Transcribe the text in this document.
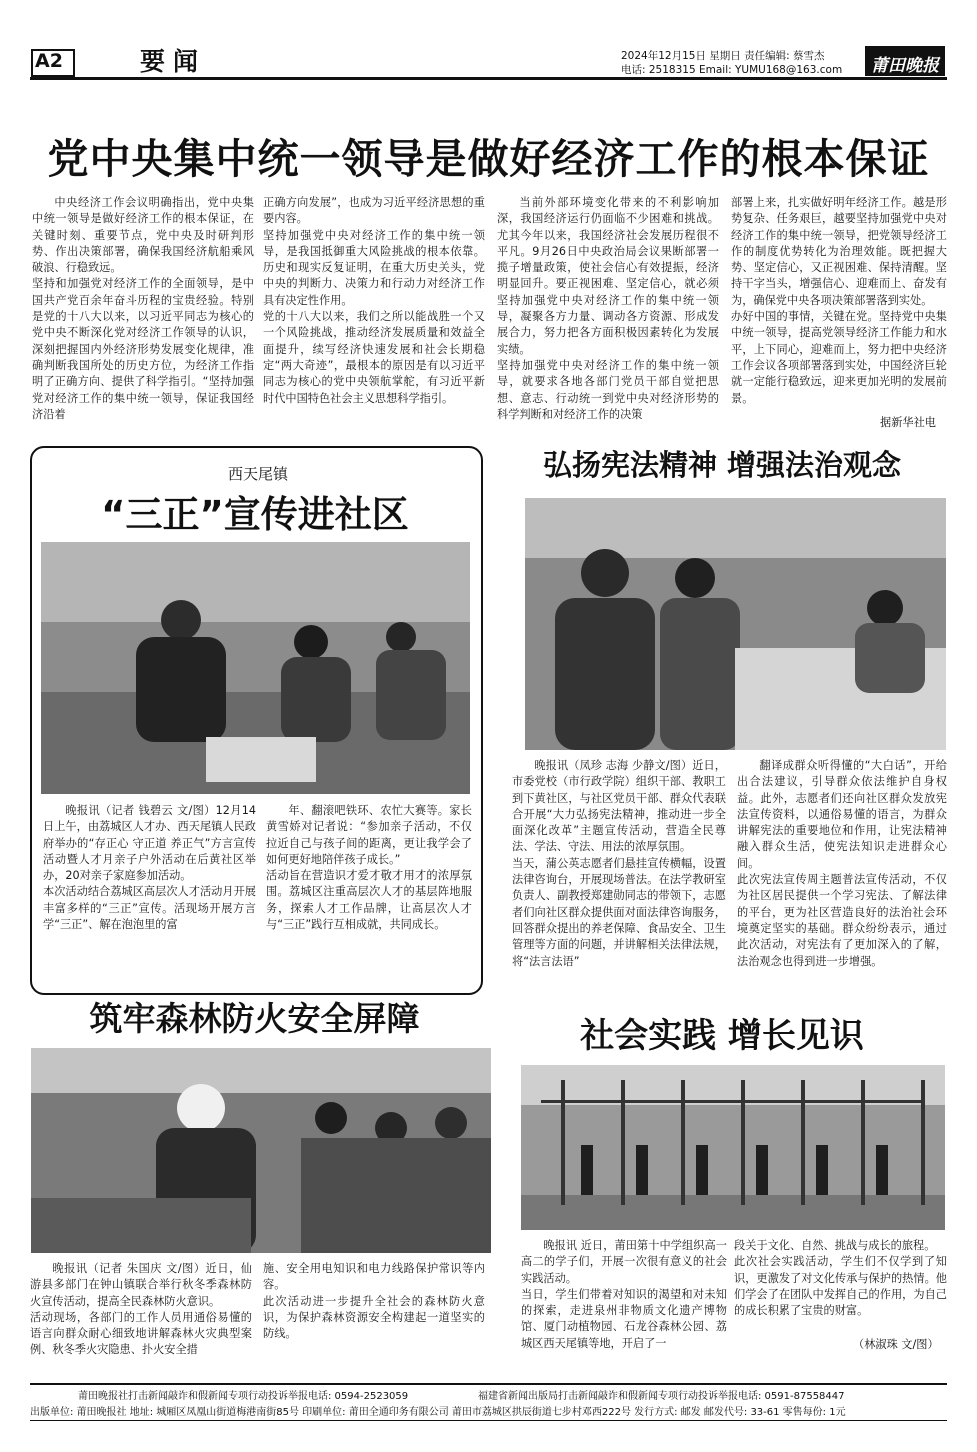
A2	要闻	2024年12月15日 星期日 责任编辑: 蔡雪杰
电话: 2518315 Email: YUMU168@163.com 莆田晚报
党中央集中统一领导是做好经济工作的根本保证
中央经济工作会议明确指出，党中央集中统一领导是做好经济工作的根本保证，在关键时刻、重要节点，党中央及时研判形势、作出决策部署，确保我国经济航船乘风破浪、行稳致远。
坚持和加强党对经济工作的全面领导，是中国共产党百余年奋斗历程的宝贵经验。特别是党的十八大以来，以习近平同志为核心的党中央不断深化党对经济工作领导的认识，深刻把握国内外经济形势发展变化规律，准确判断我国所处的历史方位，为经济工作指明了正确方向、提供了科学指引。“坚持加强党对经济工作的集中统一领导，保证我国经济沿着
正确方向发展”，也成为习近平经济思想的重要内容。
坚持加强党中央对经济工作的集中统一领导，是我国抵御重大风险挑战的根本依靠。历史和现实反复证明，在重大历史关头，党中央的判断力、决策力和行动力对经济工作具有决定性作用。
党的十八大以来，我们之所以能战胜一个又一个风险挑战，推动经济发展质量和效益全面提升，续写经济快速发展和社会长期稳定“两大奇迹”，最根本的原因是有以习近平同志为核心的党中央领航掌舵，有习近平新时代中国特色社会主义思想科学指引。
当前外部环境变化带来的不利影响加深，我国经济运行仍面临不少困难和挑战。尤其今年以来，我国经济社会发展历程很不平凡。9月26日中央政治局会议果断部署一揽子增量政策，使社会信心有效提振，经济明显回升。要正视困难、坚定信心，就必须坚持加强党中央对经济工作的集中统一领导，凝聚各方力量、调动各方资源、形成发展合力，努力把各方面积极因素转化为发展实绩。
坚持加强党中央对经济工作的集中统一领导，就要求各地各部门党员干部自觉把思想、意志、行动统一到党中央对经济形势的科学判断和对经济工作的决策
部署上来，扎实做好明年经济工作。越是形势复杂、任务艰巨，越要坚持加强党中央对经济工作的集中统一领导，把党领导经济工作的制度优势转化为治理效能。既把握大势、坚定信心，又正视困难、保持清醒。坚持干字当头，增强信心、迎难而上、奋发有为，确保党中央各项决策部署落到实处。
办好中国的事情，关键在党。坚持党中央集中统一领导，提高党领导经济工作能力和水平，上下同心，迎难而上，努力把中央经济工作会议各项部署落到实处，中国经济巨轮就一定能行稳致远，迎来更加光明的发展前景。
据新华社电
西天尾镇
“三正”宣传进社区
晚报讯（记者 钱碧云 文/图）12月14日上午，由荔城区人才办、西天尾镇人民政府举办的“存正心 守正道 养正气”方言宣传活动暨人才月亲子户外活动在后黄社区举办，20对亲子家庭参加活动。
本次活动结合荔城区高层次人才活动月开展丰富多样的“三正”宣传。活现场开展方言学“三正”、解在泡泡里的富
年、翻滚吧铁环、农忙大赛等。家长黄雪娇对记者说：“参加亲子活动，不仅拉近自己与孩子间的距离，更让我学会了如何更好地陪伴孩子成长。”
活动旨在营造识才爱才敬才用才的浓厚氛围。荔城区注重高层次人才的基层阵地服务，探索人才工作品牌，让高层次人才与“三正”践行互相成就，共同成长。
弘扬宪法精神 增强法治观念
晚报讯（凤珍 志海 少静文/图）近日，市委党校（市行政学院）组织干部、教职工到下黄社区，与社区党员干部、群众代表联合开展“大力弘扬宪法精神，推动进一步全面深化改革”主题宣传活动，营造全民尊法、学法、守法、用法的浓厚氛围。
当天，蒲公英志愿者们悬挂宣传横幅，设置法律咨询台，开展现场普法。在法学教研室负责人、副教授郑建勋同志的带领下，志愿者们向社区群众提供面对面法律咨询服务，回答群众提出的养老保障、食品安全、卫生管理等方面的问题，并讲解相关法律法规，将“法言法语”
翻译成群众听得懂的“大白话”，开给出合法建议，引导群众依法维护自身权益。此外，志愿者们还向社区群众发放宪法宣传资料，以通俗易懂的语言，为群众讲解宪法的重要地位和作用，让宪法精神融入群众生活，使宪法知识走进群众心间。
此次宪法宣传周主题普法宣传活动，不仅为社区居民提供一个学习宪法、了解法律的平台，更为社区营造良好的法治社会环境奠定坚实的基础。群众纷纷表示，通过此次活动，对宪法有了更加深入的了解，法治观念也得到进一步增强。
筑牢森林防火安全屏障
晚报讯（记者 朱国庆 文/图）近日，仙游县多部门在钟山镇联合举行秋冬季森林防火宣传活动，提高全民森林防火意识。
活动现场，各部门的工作人员用通俗易懂的语言向群众耐心细致地讲解森林火灾典型案例、秋冬季火灾隐患、扑火安全措
施、安全用电知识和电力线路保护常识等内容。
此次活动进一步提升全社会的森林防火意识，为保护森林资源安全构建起一道坚实的防线。
社会实践 增长见识
晚报讯 近日，莆田第十中学组织高一高二的学子们，开展一次很有意义的社会实践活动。
当日，学生们带着对知识的渴望和对未知的探索，走进泉州非物质文化遗产博物馆、厦门动植物园、石龙谷森林公园、荔城区西天尾镇等地，开启了一
段关于文化、自然、挑战与成长的旅程。
此次社会实践活动，学生们不仅学到了知识，更激发了对文化传承与保护的热情。他们学会了在团队中发挥自己的作用，为自己的成长积累了宝贵的财富。
（林淑珠 文/图）
莆田晚报社打击新闻敲诈和假新闻专项行动投诉举报电话: 0594-2523059	福建省新闻出版局打击新闻敲诈和假新闻专项行动投诉举报电话: 0591-87558447
出版单位: 莆田晚报社 地址: 城厢区凤凰山街道梅港南街85号 印刷单位: 莆田全通印务有限公司 莆田市荔城区拱辰街道七步村邓西222号 发行方式: 邮发 邮发代号: 33-61 零售每份: 1元
